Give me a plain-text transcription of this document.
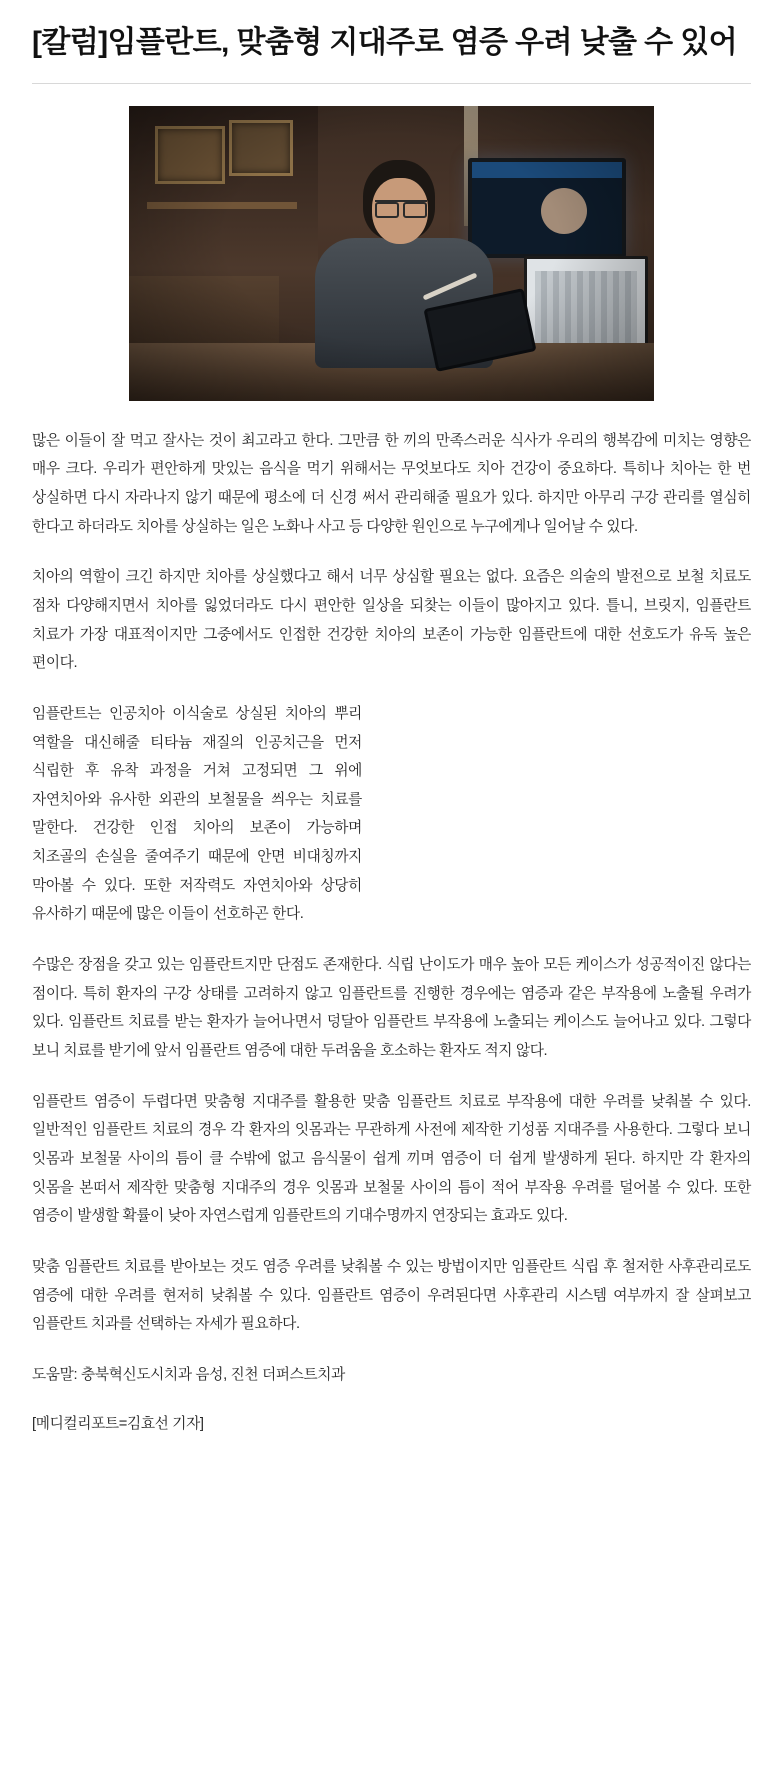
[칼럼]임플란트, 맞춤형 지대주로 염증 우려 낮출 수 있어

많은 이들이 잘 먹고 잘사는 것이 최고라고 한다. 그만큼 한 끼의 만족스러운 식사가 우리의 행복감에 미치는 영향은 매우 크다. 우리가 편안하게 맛있는 음식을 먹기 위해서는 무엇보다도 치아 건강이 중요하다. 특히나 치아는 한 번 상실하면 다시 자라나지 않기 때문에 평소에 더 신경 써서 관리해줄 필요가 있다. 하지만 아무리 구강 관리를 열심히 한다고 하더라도 치아를 상실하는 일은 노화나 사고 등 다양한 원인으로 누구에게나 일어날 수 있다.

치아의 역할이 크긴 하지만 치아를 상실했다고 해서 너무 상심할 필요는 없다. 요즘은 의술의 발전으로 보철 치료도 점차 다양해지면서 치아를 잃었더라도 다시 편안한 일상을 되찾는 이들이 많아지고 있다. 틀니, 브릿지, 임플란트 치료가 가장 대표적이지만 그중에서도 인접한 건강한 치아의 보존이 가능한 임플란트에 대한 선호도가 유독 높은 편이다.

임플란트는 인공치아 이식술로 상실된 치아의 뿌리 역할을 대신해줄 티타늄 재질의 인공치근을 먼저 식립한 후 유착 과정을 거쳐 고정되면 그 위에 자연치아와 유사한 외관의 보철물을 씌우는 치료를 말한다. 건강한 인접 치아의 보존이 가능하며 치조골의 손실을 줄여주기 때문에 안면 비대칭까지 막아볼 수 있다. 또한 저작력도 자연치아와 상당히 유사하기 때문에 많은 이들이 선호하곤 한다.

수많은 장점을 갖고 있는 임플란트지만 단점도 존재한다. 식립 난이도가 매우 높아 모든 케이스가 성공적이진 않다는 점이다. 특히 환자의 구강 상태를 고려하지 않고 임플란트를 진행한 경우에는 염증과 같은 부작용에 노출될 우려가 있다. 임플란트 치료를 받는 환자가 늘어나면서 덩달아 임플란트 부작용에 노출되는 케이스도 늘어나고 있다. 그렇다 보니 치료를 받기에 앞서 임플란트 염증에 대한 두려움을 호소하는 환자도 적지 않다.

임플란트 염증이 두렵다면 맞춤형 지대주를 활용한 맞춤 임플란트 치료로 부작용에 대한 우려를 낮춰볼 수 있다. 일반적인 임플란트 치료의 경우 각 환자의 잇몸과는 무관하게 사전에 제작한 기성품 지대주를 사용한다. 그렇다 보니 잇몸과 보철물 사이의 틈이 클 수밖에 없고 음식물이 쉽게 끼며 염증이 더 쉽게 발생하게 된다. 하지만 각 환자의 잇몸을 본떠서 제작한 맞춤형 지대주의 경우 잇몸과 보철물 사이의 틈이 적어 부작용 우려를 덜어볼 수 있다. 또한 염증이 발생할 확률이 낮아 자연스럽게 임플란트의 기대수명까지 연장되는 효과도 있다.

맞춤 임플란트 치료를 받아보는 것도 염증 우려를 낮춰볼 수 있는 방법이지만 임플란트 식립 후 철저한 사후관리로도 염증에 대한 우려를 현저히 낮춰볼 수 있다. 임플란트 염증이 우려된다면 사후관리 시스템 여부까지 잘 살펴보고 임플란트 치과를 선택하는 자세가 필요하다.

도움말: 충북혁신도시치과 음성, 진천 더퍼스트치과

[메디컬리포트=김효선 기자]
